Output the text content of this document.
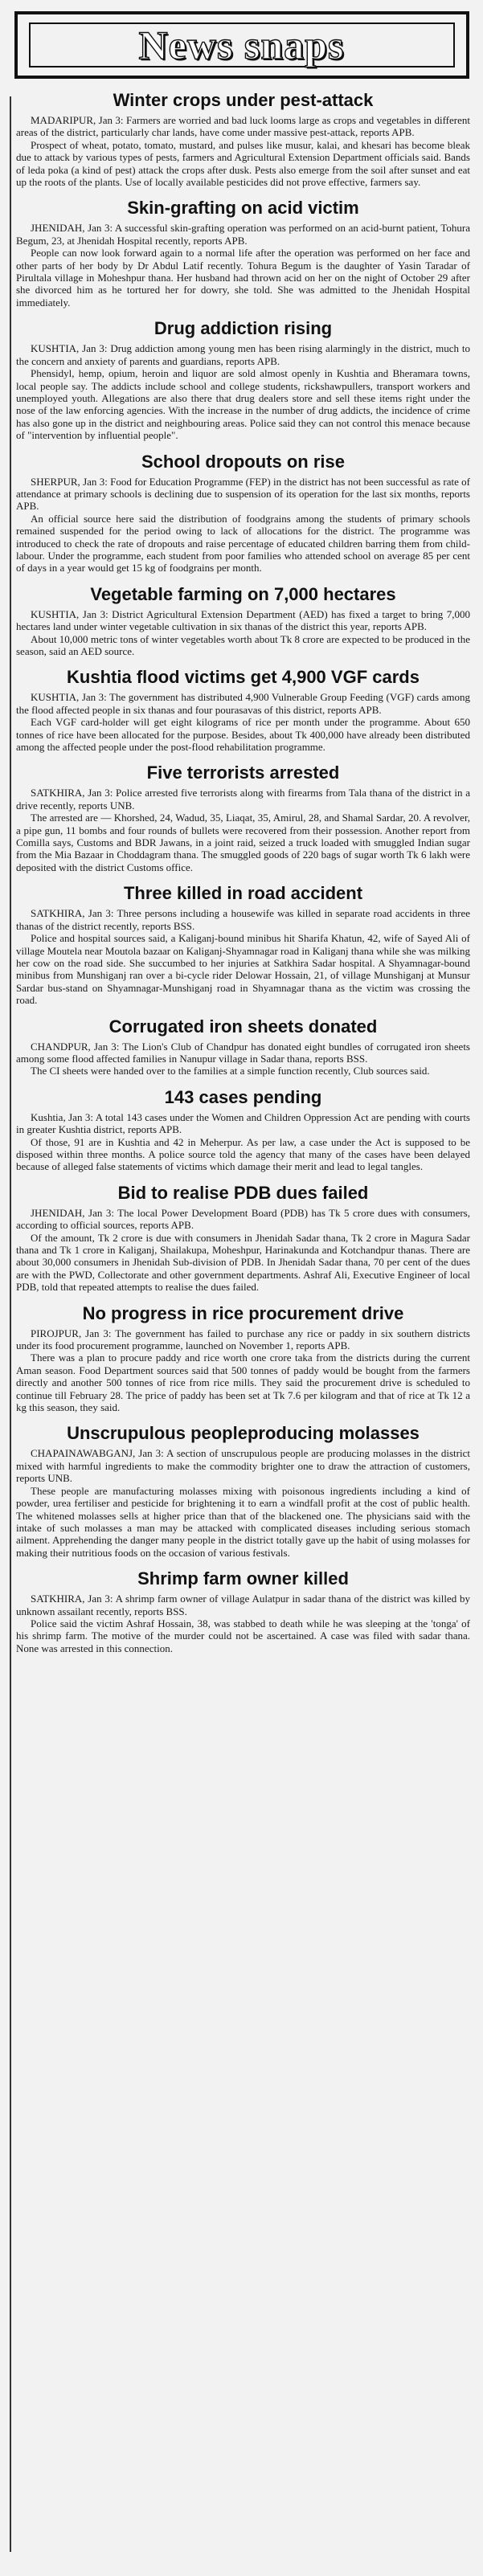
News snaps
Winter crops under pest-attack

MADARIPUR, Jan 3: Farmers are worried and bad luck looms large as crops and vegetables in different areas of the district, particularly char lands, have come under massive pest-attack, reports APB.

Prospect of wheat, potato, tomato, mustard, and pulses like musur, kalai, and khesari has become bleak due to attack by various types of pests, farmers and Agricultural Extension Department officials said. Bands of leda poka (a kind of pest) attack the crops after dusk. Pests also emerge from the soil after sunset and eat up the roots of the plants. Use of locally available pesticides did not prove effective, farmers say.

Skin-grafting on acid victim

JHENIDAH, Jan 3: A successful skin-grafting operation was performed on an acid-burnt patient, Tohura Begum, 23, at Jhenidah Hospital recently, reports APB.

People can now look forward again to a normal life after the operation was performed on her face and other parts of her body by Dr Abdul Latif recently. Tohura Begum is the daughter of Yasin Taradar of Pirultala village in Moheshpur thana. Her husband had thrown acid on her on the night of October 29 after she divorced him as he tortured her for dowry, she told. She was admitted to the Jhenidah Hospital immediately.

Drug addiction rising

KUSHTIA, Jan 3: Drug addiction among young men has been rising alarmingly in the district, much to the concern and anxiety of parents and guardians, reports APB.

Phensidyl, hemp, opium, heroin and liquor are sold almost openly in Kushtia and Bheramara towns, local people say. The addicts include school and college students, rickshawpullers, transport workers and unemployed youth. Allegations are also there that drug dealers store and sell these items right under the nose of the law enforcing agencies. With the increase in the number of drug addicts, the incidence of crime has also gone up in the district and neighbouring areas. Police said they can not control this menace because of "intervention by influential people".

School dropouts on rise

SHERPUR, Jan 3: Food for Education Programme (FEP) in the district has not been successful as rate of attendance at primary schools is declining due to suspension of its operation for the last six months, reports APB.

An official source here said the distribution of foodgrains among the students of primary schools remained suspended for the period owing to lack of allocations for the district. The programme was introduced to check the rate of dropouts and raise percentage of educated children barring them from child-labour. Under the programme, each student from poor families who attended school on average 85 per cent of days in a year would get 15 kg of foodgrains per month.

Vegetable farming on 7,000 hectares

KUSHTIA, Jan 3: District Agricultural Extension Department (AED) has fixed a target to bring 7,000 hectares land under winter vegetable cultivation in six thanas of the district this year, reports APB.

About 10,000 metric tons of winter vegetables worth about Tk 8 crore are expected to be produced in the season, said an AED source.

Kushtia flood victims get 4,900 VGF cards

KUSHTIA, Jan 3: The government has distributed 4,900 Vulnerable Group Feeding (VGF) cards among the flood affected people in six thanas and four pourasavas of this district, reports APB.

Each VGF card-holder will get eight kilograms of rice per month under the programme. About 650 tonnes of rice have been allocated for the purpose. Besides, about Tk 400,000 have already been distributed among the affected people under the post-flood rehabilitation programme.

Five terrorists arrested

SATKHIRA, Jan 3: Police arrested five terrorists along with firearms from Tala thana of the district in a drive recently, reports UNB.

The arrested are — Khorshed, 24, Wadud, 35, Liaqat, 35, Amirul, 28, and Shamal Sardar, 20. A revolver, a pipe gun, 11 bombs and four rounds of bullets were recovered from their possession. Another report from Comilla says, Customs and BDR Jawans, in a joint raid, seized a truck loaded with smuggled Indian sugar from the Mia Bazaar in Choddagram thana. The smuggled goods of 220 bags of sugar worth Tk 6 lakh were deposited with the district Customs office.

Three killed in road accident

SATKHIRA, Jan 3: Three persons including a housewife was killed in separate road accidents in three thanas of the district recently, reports BSS.

Police and hospital sources said, a Kaliganj-bound minibus hit Sharifa Khatun, 42, wife of Sayed Ali of village Moutela near Moutola bazaar on Kaliganj-Shyamnagar road in Kaliganj thana while she was milking her cow on the road side. She succumbed to her injuries at Satkhira Sadar hospital. A Shyamnagar-bound minibus from Munshiganj ran over a bi-cycle rider Delowar Hossain, 21, of village Munshiganj at Munsur Sardar bus-stand on Shyamnagar-Munshiganj road in Shyamnagar thana as the victim was crossing the road.

Corrugated iron sheets donated

CHANDPUR, Jan 3: The Lion's Club of Chandpur has donated eight bundles of corrugated iron sheets among some flood affected families in Nanupur village in Sadar thana, reports BSS.

The CI sheets were handed over to the families at a simple function recently, Club sources said.

143 cases pending

Kushtia, Jan 3: A total 143 cases under the Women and Children Oppression Act are pending with courts in greater Kushtia district, reports APB.

Of those, 91 are in Kushtia and 42 in Meherpur. As per law, a case under the Act is supposed to be disposed within three months. A police source told the agency that many of the cases have been delayed because of alleged false statements of victims which damage their merit and lead to legal tangles.

Bid to realise PDB dues failed

JHENIDAH, Jan 3: The local Power Development Board (PDB) has Tk 5 crore dues with consumers, according to official sources, reports APB.

Of the amount, Tk 2 crore is due with consumers in Jhenidah Sadar thana, Tk 2 crore in Magura Sadar thana and Tk 1 crore in Kaliganj, Shailakupa, Moheshpur, Harinakunda and Kotchandpur thanas. There are about 30,000 consumers in Jhenidah Sub-division of PDB. In Jhenidah Sadar thana, 70 per cent of the dues are with the PWD, Collectorate and other government departments. Ashraf Ali, Executive Engineer of local PDB, told that repeated attempts to realise the dues failed.

No progress in rice procurement drive

PIROJPUR, Jan 3: The government has failed to purchase any rice or paddy in six southern districts under its food procurement programme, launched on November 1, reports APB.

There was a plan to procure paddy and rice worth one crore taka from the districts during the current Aman season. Food Department sources said that 500 tonnes of paddy would be bought from the farmers directly and another 500 tonnes of rice from rice mills. They said the procurement drive is scheduled to continue till February 28. The price of paddy has been set at Tk 7.6 per kilogram and that of rice at Tk 12 a kg this season, they said.

Unscrupulous peopleproducing molasses

CHAPAINAWABGANJ, Jan 3: A section of unscrupulous people are producing molasses in the district mixed with harmful ingredients to make the commodity brighter one to draw the attraction of customers, reports UNB.

These people are manufacturing molasses mixing with poisonous ingredients including a kind of powder, urea fertiliser and pesticide for brightening it to earn a windfall profit at the cost of public health. The whitened molasses sells at higher price than that of the blackened one. The physicians said with the intake of such molasses a man may be attacked with complicated diseases including serious stomach ailment. Apprehending the danger many people in the district totally gave up the habit of using molasses for making their nutritious foods on the occasion of various festivals.

Shrimp farm owner killed

SATKHIRA, Jan 3: A shrimp farm owner of village Aulatpur in sadar thana of the district was killed by unknown assailant recently, reports BSS.

Police said the victim Ashraf Hossain, 38, was stabbed to death while he was sleeping at the 'tonga' of his shrimp farm. The motive of the murder could not be ascertained. A case was filed with sadar thana. None was arrested in this connection.
